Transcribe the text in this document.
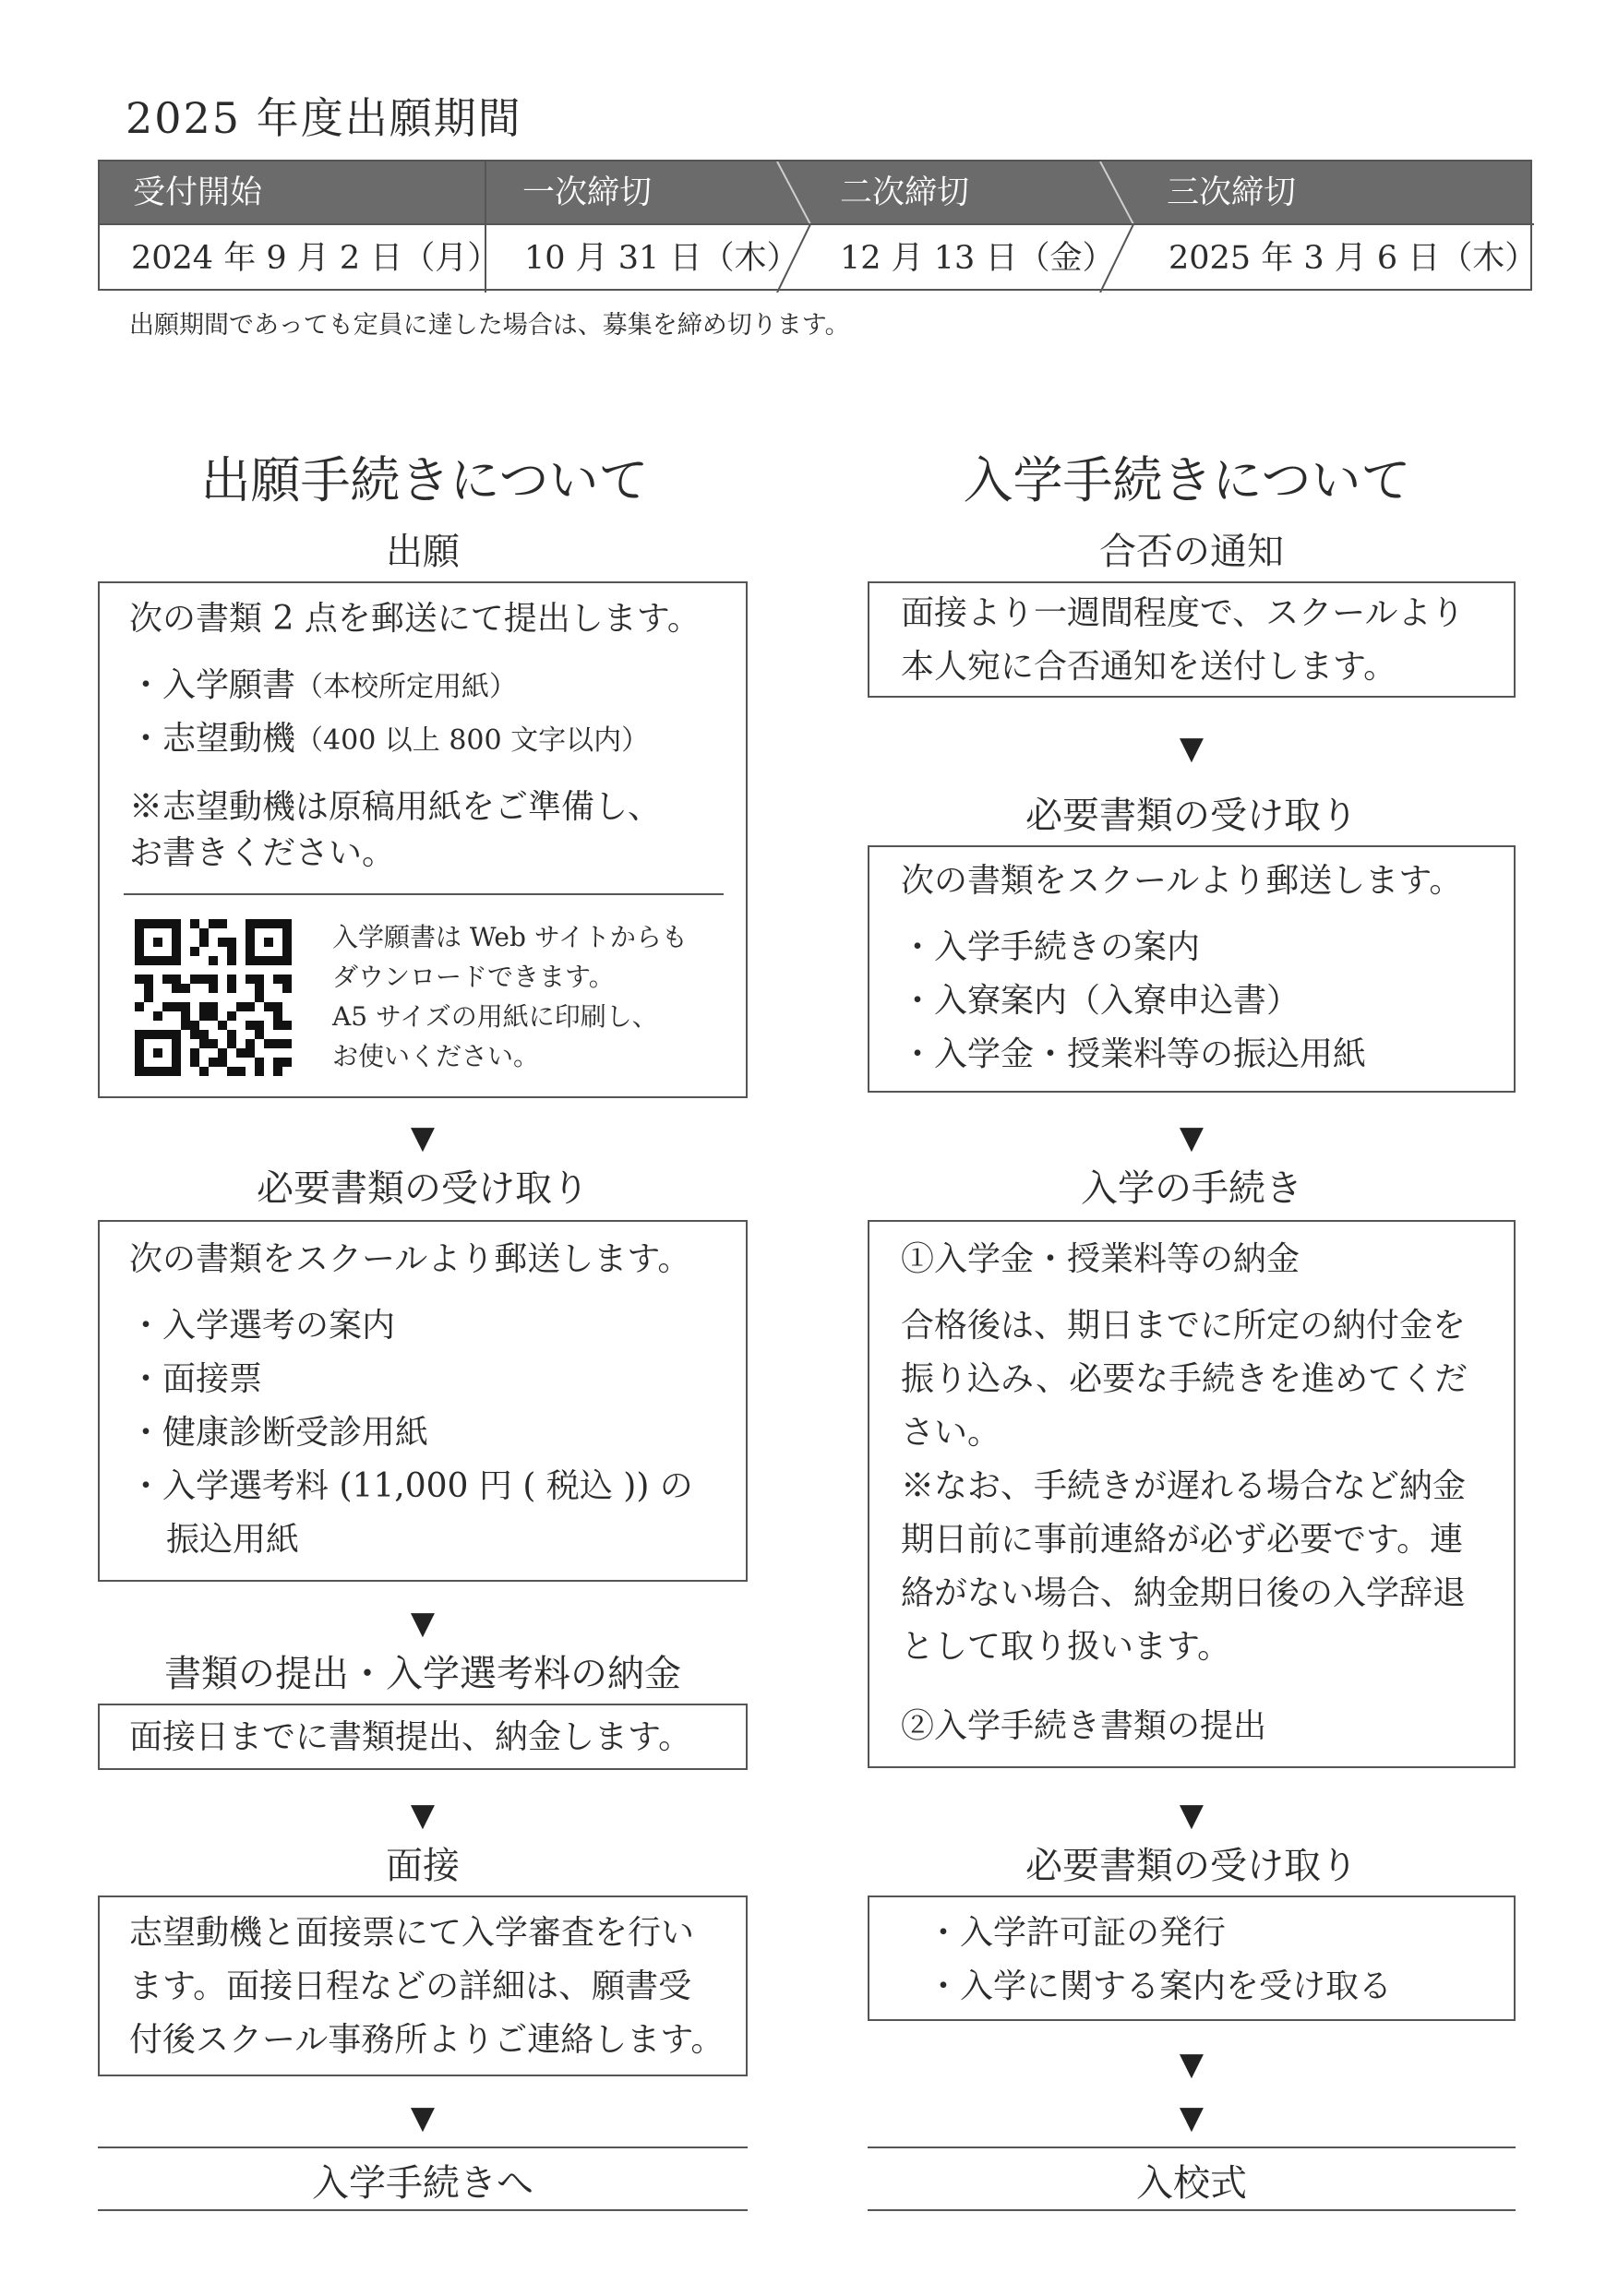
2025 年度出願期間
受付開始	一次締切	二次締切	三次締切
2024 年 9 月 2 日（月） 10 月 31 日（木） 12 月 13 日（金） 2025 年 3 月 6 日（木）
出願期間であっても定員に達した場合は、募集を締め切ります。
出願手続きについて
出願
次の書類 2 点を郵送にて提出します。
・入学願書（本校所定用紙）
・志望動機（400 以上 800 文字以内）
※志望動機は原稿用紙をご準備し、
お書きください。
入学願書は Web サイトからも
ダウンロードできます。
A5 サイズの用紙に印刷し、
お使いください。
▼
必要書類の受け取り
次の書類をスクールより郵送します。
・入学選考の案内
・面接票
・健康診断受診用紙
・入学選考料 (11,000 円 ( 税込 )) の
振込用紙
▼
書類の提出・入学選考料の納金
面接日までに書類提出、納金します。
▼
面接
志望動機と面接票にて入学審査を行い
ます。面接日程などの詳細は、願書受
付後スクール事務所よりご連絡します。
▼
入学手続きへ
入学手続きについて
合否の通知
面接より一週間程度で、スクールより
本人宛に合否通知を送付します。
▼
必要書類の受け取り
次の書類をスクールより郵送します。
・入学手続きの案内
・入寮案内（入寮申込書）
・入学金・授業料等の振込用紙
▼
入学の手続き
①入学金・授業料等の納金
合格後は、期日までに所定の納付金を
振り込み、必要な手続きを進めてくだ
さい。
※なお、手続きが遅れる場合など納金
期日前に事前連絡が必ず必要です。連
絡がない場合、納金期日後の入学辞退
として取り扱います。
②入学手続き書類の提出
▼
必要書類の受け取り
・入学許可証の発行
・入学に関する案内を受け取る
▼
▼
入校式
